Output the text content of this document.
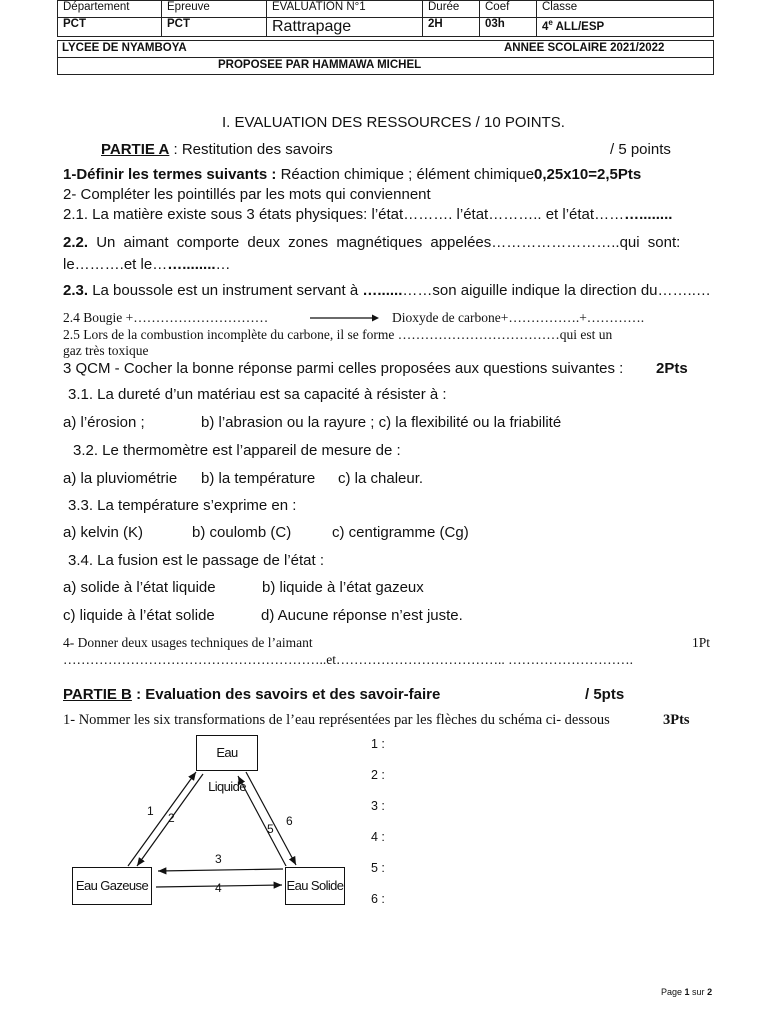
Département	Epreuve	EVALUATION N°1	Durée	Coef	Classe
PCT	PCT	Rattrapage	2H	03h	4e ALL/ESP
LYCEE DE NYAMBOYA	ANNEE SCOLAIRE 2021/2022
PROPOSEE PAR HAMMAWA MICHEL
I. EVALUATION DES RESSOURCES / 10 POINTS.
PARTIE A : Restitution des savoirs	/ 5 points
1-Définir les termes suivants : Réaction chimique ; élément chimique 0,25x10=2,5Pts
2- Compléter les pointillés par les mots qui conviennent
2.1. La matière existe sous 3 états physiques: l’état………. l’état……….. et l’état………........
2.2. Un aimant comporte deux zones magnétiques appelées……………………..qui sont:
le……….et le……........…
2.3. La boussole est un instrument servant à …......……son aiguille indique la direction du……..…
2.4 Bougie +…………………………	Dioxyde de carbone+…………….+………….
2.5 Lors de la combustion incomplète du carbone, il se forme ………………………………qui est un
gaz très toxique
3 QCM - Cocher la bonne réponse parmi celles proposées aux questions suivantes : 2Pts
3.1. La dureté d’un matériau est sa capacité à résister à :
a) l’érosion ;	b) l’abrasion ou la rayure ; c) la flexibilité ou la friabilité
3.2. Le thermomètre est l’appareil de mesure de :
a) la pluviométrie b) la température c) la chaleur.
3.3. La température s’exprime en :
a) kelvin (K)	b) coulomb (C)	c) centigramme (Cg)
3.4. La fusion est le passage de l’état :
a) solide à l’état liquide	b) liquide à l’état gazeux
c) liquide à l’état solide	d) Aucune réponse n’est juste.
4- Donner deux usages techniques de l’aimant	1Pt
…………………………………………………..et……………………………….. ……………………….
PARTIE B : Evaluation des savoirs et des savoir-faire	/ 5pts
1- Nommer les six transformations de l’eau représentées par les flèches du schéma ci- dessous	3Pts
Eau Liquide
Eau Gazeuse	Eau Solide
1 2
3
4
5
6
1 :
2 :
3 :
4 :
5 :
6 :
Page 1 sur 2
